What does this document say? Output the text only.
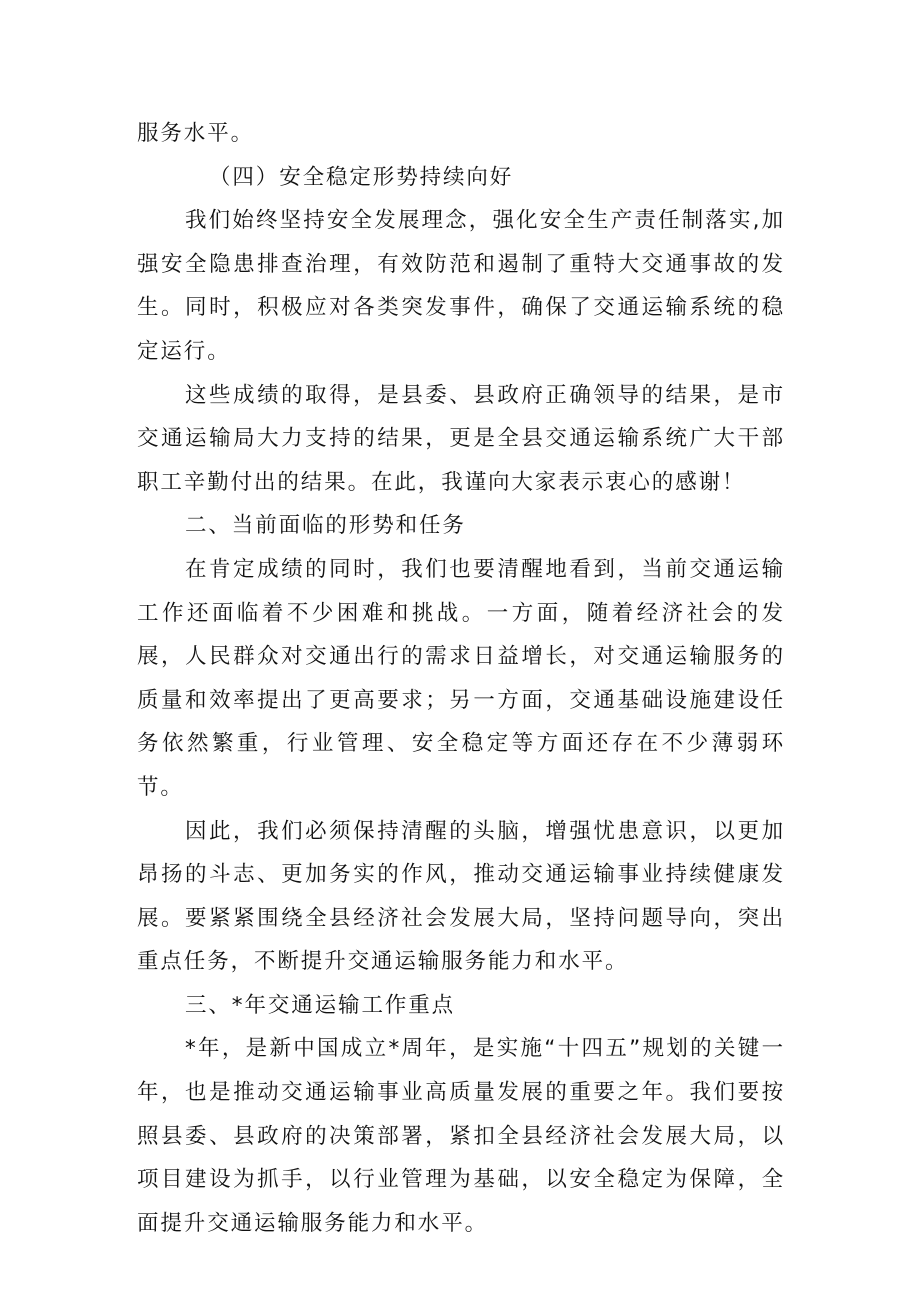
服务水平。

（四）安全稳定形势持续向好

我们始终坚持安全发展理念，强化安全生产责任制落实,加强安全隐患排查治理，有效防范和遏制了重特大交通事故的发生。同时，积极应对各类突发事件，确保了交通运输系统的稳定运行。

这些成绩的取得，是县委、县政府正确领导的结果，是市交通运输局大力支持的结果，更是全县交通运输系统广大干部职工辛勤付出的结果。在此，我谨向大家表示衷心的感谢！

二、当前面临的形势和任务

在肯定成绩的同时，我们也要清醒地看到，当前交通运输工作还面临着不少困难和挑战。一方面，随着经济社会的发展，人民群众对交通出行的需求日益增长，对交通运输服务的质量和效率提出了更高要求；另一方面，交通基础设施建设任务依然繁重，行业管理、安全稳定等方面还存在不少薄弱环节。

因此，我们必须保持清醒的头脑，增强忧患意识，以更加昂扬的斗志、更加务实的作风，推动交通运输事业持续健康发展。要紧紧围绕全县经济社会发展大局，坚持问题导向，突出重点任务，不断提升交通运输服务能力和水平。

三、*年交通运输工作重点

*年，是新中国成立*周年，是实施“十四五”规划的关键一年，也是推动交通运输事业高质量发展的重要之年。我们要按照县委、县政府的决策部署，紧扣全县经济社会发展大局，以项目建设为抓手，以行业管理为基础，以安全稳定为保障，全面提升交通运输服务能力和水平。
